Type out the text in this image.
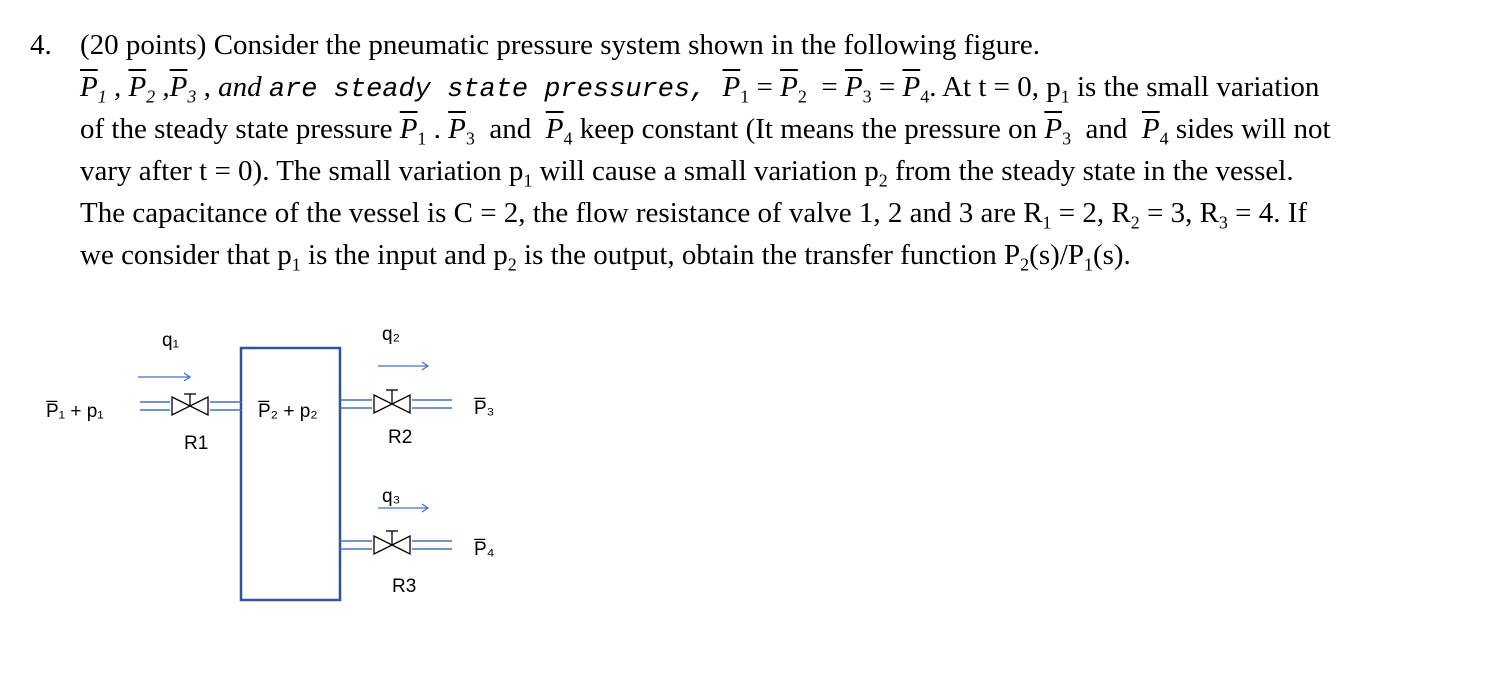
4. (20 points) Consider the pneumatic pressure system shown in the following figure.
$\overline{P}_1$ , $\overline{P}_2$ $,\overline{P}_3$ , and are steady state pressures, $\overline{P}_1 = \overline{P}_2 = \overline{P}_3 = \overline{P}_4$. At t = 0, $p_1$ is the small variation
of the steady state pressure $\overline{P}_1$ . $\overline{P}_3$  and  $\overline{P}_4$ keep constant (It means the pressure on $\overline{P}_3$  and  $\overline{P}_4$ sides will not
vary after t = 0). The small variation $p_1$ will cause a small variation $p_2$ from the steady state in the vessel.
The capacitance of the vessel is C = 2, the flow resistance of valve 1, 2 and 3 are $R_1 = 2$, $R_2 = 3$, $R_3 = 4$. If
we consider that $p_1$ is the input and $p_2$ is the output, obtain the transfer function $P_2(s)/P_1(s)$.
P̅₁ + p₁	P̅₂ + p₂	P̅₃
P̅₄
q₁	q₂
q₃
R1	R2
R3
